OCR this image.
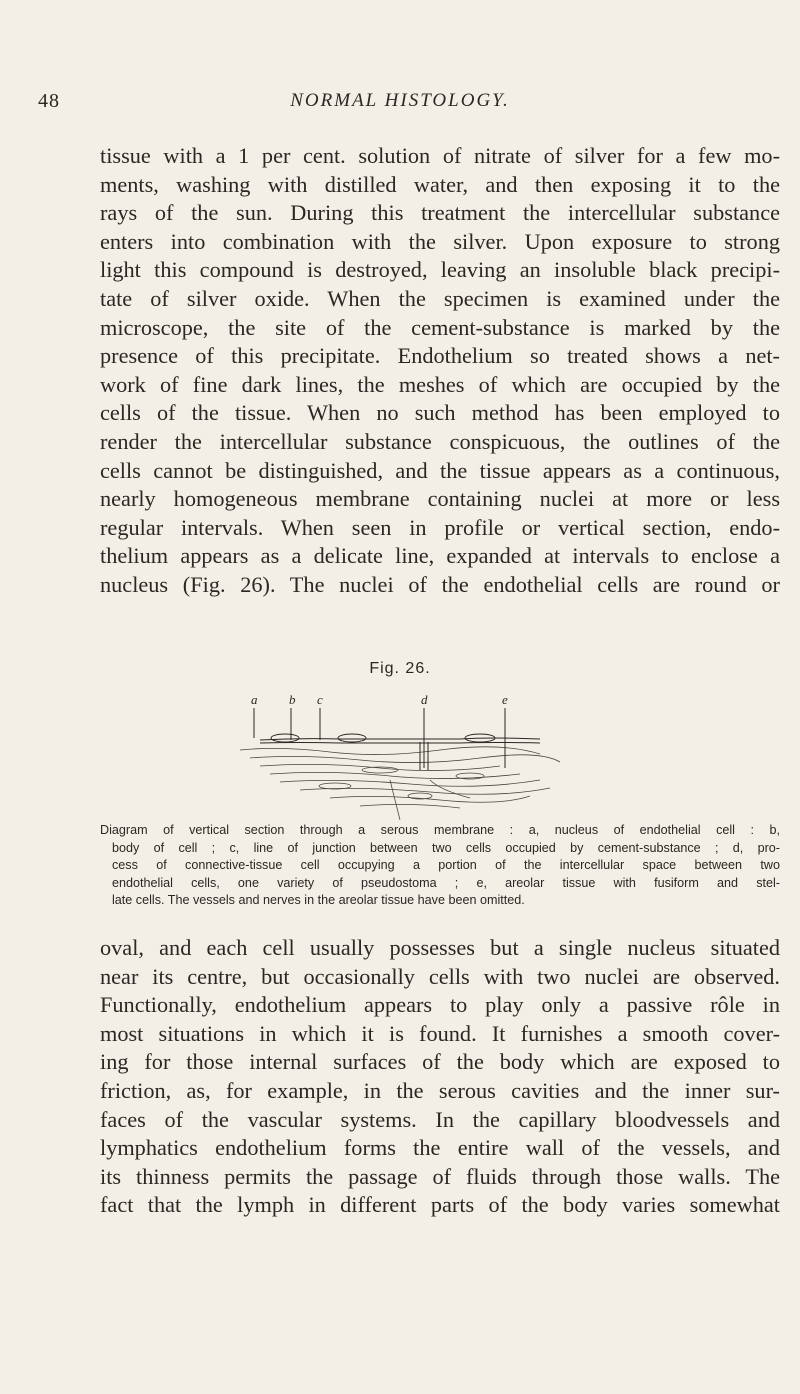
48	NORMAL HISTOLOGY.
tissue with a 1 per cent. solution of nitrate of silver for a few mo-
ments, washing with distilled water, and then exposing it to the
rays of the sun. During this treatment the intercellular substance
enters into combination with the silver. Upon exposure to strong
light this compound is destroyed, leaving an insoluble black precipi-
tate of silver oxide. When the specimen is examined under the
microscope, the site of the cement-substance is marked by the
presence of this precipitate. Endothelium so treated shows a net-
work of fine dark lines, the meshes of which are occupied by the
cells of the tissue. When no such method has been employed to
render the intercellular substance conspicuous, the outlines of the
cells cannot be distinguished, and the tissue appears as a continuous,
nearly homogeneous membrane containing nuclei at more or less
regular intervals. When seen in profile or vertical section, endo-
thelium appears as a delicate line, expanded at intervals to enclose a
nucleus (Fig. 26). The nuclei of the endothelial cells are round or
Fig. 26.
a b c	d	e
Diagram of vertical section through a serous membrane : a, nucleus of endothelial cell : b,
body of cell ; c, line of junction between two cells occupied by cement-substance ; d, pro-
cess of connective-tissue cell occupying a portion of the intercellular space between two
endothelial cells, one variety of pseudostoma ; e, areolar tissue with fusiform and stel-
late cells. The vessels and nerves in the areolar tissue have been omitted.
oval, and each cell usually possesses but a single nucleus situated
near its centre, but occasionally cells with two nuclei are observed.
Functionally, endothelium appears to play only a passive rôle in
most situations in which it is found. It furnishes a smooth cover-
ing for those internal surfaces of the body which are exposed to
friction, as, for example, in the serous cavities and the inner sur-
faces of the vascular systems. In the capillary bloodvessels and
lymphatics endothelium forms the entire wall of the vessels, and
its thinness permits the passage of fluids through those walls. The
fact that the lymph in different parts of the body varies somewhat
